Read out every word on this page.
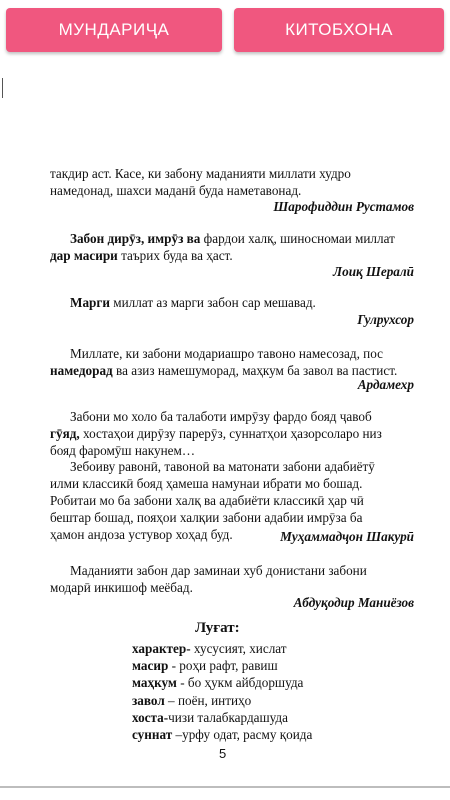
МУНДАРИҶА	КИТОБХОНА
такдир аст. Касе, ки забону маданияти миллати худро
намедонад, шахси маданӣ буда наметавонад.
Шарофиддин Рустамов
Забон дирӯз, имрӯз ва фардои халқ, шиносномаи миллат
дар масири таърих буда ва ҳаст.
Лоиқ Шералӣ
Марги миллат аз марги забон сар мешавад.
Гулрухсор
Миллате, ки забони модариашро тавоно намесозад, пос
намедорад ва азиз намешуморад, маҳкум ба завол ва пастист.
Ардамехр
Забони мо холо ба талаботи имрӯзу фардо бояд ҷавоб
гӯяд, хостаҳои дирӯзу парерӯз, суннатҳои ҳазорсоларо низ
бояд фаромӯш накунем…
Зебоиву равонӣ, тавоноӣ ва матонати забони адабиётӯ
илми классикӣ бояд ҳамеша намунаи ибрати мо бошад.
Робитаи мо ба забони халқ ва адабиёти классикӣ ҳар чӣ
бештар бошад, пояҳои халқии забони адабии имрӯза ба
ҳамон андоза устувор хоҳад буд.	Муҳаммадҷон Шакурӣ
Маданияти забон дар заминаи хуб донистани забони
модарӣ инкишоф мeёбад.
Абдуқодир Маниёзов
Луғат:
характер- хусусият, хислат
масир - роҳи рафт, равиш
маҳкум - бо ҳукм айбдоршуда
завол – поён, интиҳо
хоста-чизи талабкардашуда
суннат –урфу одат, расму қоида
5
